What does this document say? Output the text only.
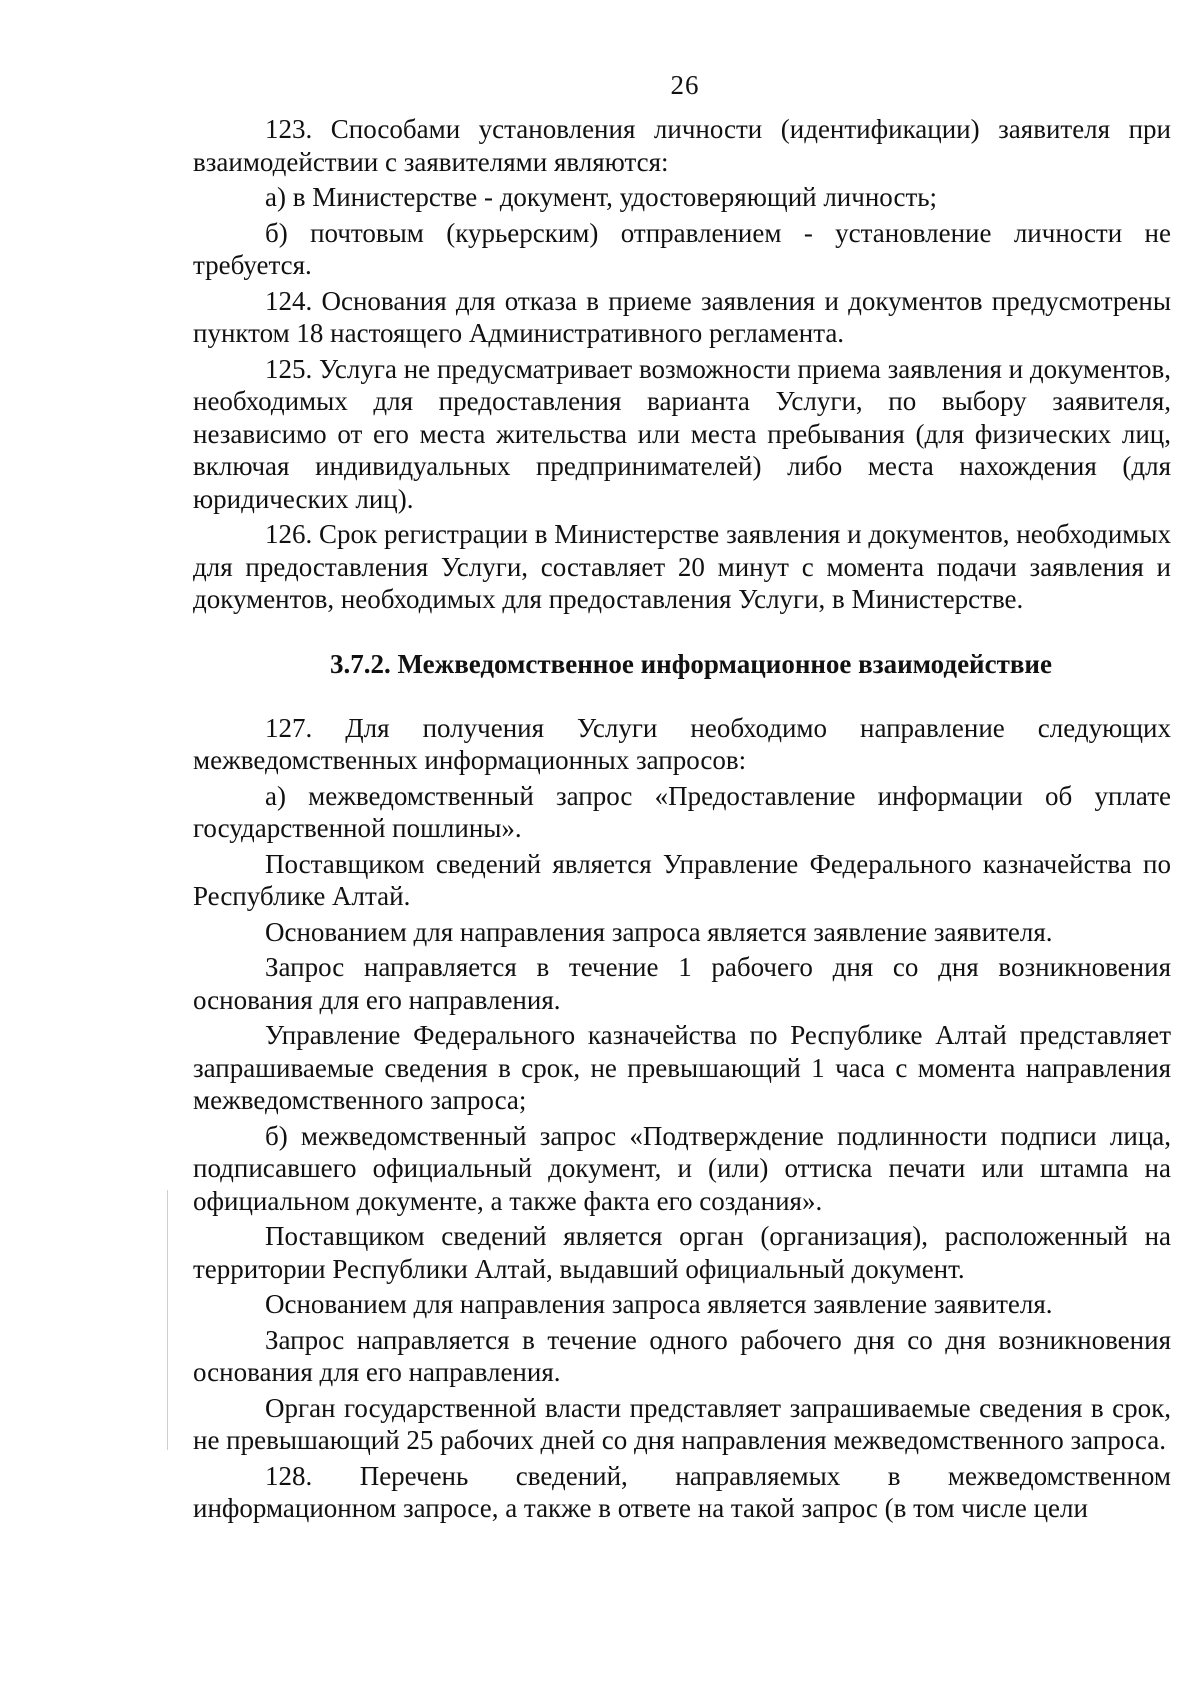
26

123. Способами установления личности (идентификации) заявителя при взаимодействии с заявителями являются:

а) в Министерстве - документ, удостоверяющий личность;

б) почтовым (курьерским) отправлением - установление личности не требуется.

124. Основания для отказа в приеме заявления и документов предусмотрены пунктом 18 настоящего Административного регламента.

125. Услуга не предусматривает возможности приема заявления и документов, необходимых для предоставления варианта Услуги, по выбору заявителя, независимо от его места жительства или места пребывания (для физических лиц, включая индивидуальных предпринимателей) либо места нахождения (для юридических лиц).

126. Срок регистрации в Министерстве заявления и документов, необходимых для предоставления Услуги, составляет 20 минут с момента подачи заявления и документов, необходимых для предоставления Услуги, в Министерстве.

3.7.2. Межведомственное информационное взаимодействие

127. Для получения Услуги необходимо направление следующих межведомственных информационных запросов:

а) межведомственный запрос «Предоставление информации об уплате государственной пошлины».

Поставщиком сведений является Управление Федерального казначейства по Республике Алтай.

Основанием для направления запроса является заявление заявителя.

Запрос направляется в течение 1 рабочего дня со дня возникновения основания для его направления.

Управление Федерального казначейства по Республике Алтай представляет запрашиваемые сведения в срок, не превышающий 1 часа с момента направления межведомственного запроса;

б) межведомственный запрос «Подтверждение подлинности подписи лица, подписавшего официальный документ, и (или) оттиска печати или штампа на официальном документе, а также факта его создания».

Поставщиком сведений является орган (организация), расположенный на территории Республики Алтай, выдавший официальный документ.

Основанием для направления запроса является заявление заявителя.

Запрос направляется в течение одного рабочего дня со дня возникновения основания для его направления.

Орган государственной власти представляет запрашиваемые сведения в срок, не превышающий 25 рабочих дней со дня направления межведомственного запроса.

128. Перечень сведений, направляемых в межведомственном информационном запросе, а также в ответе на такой запрос (в том числе цели
